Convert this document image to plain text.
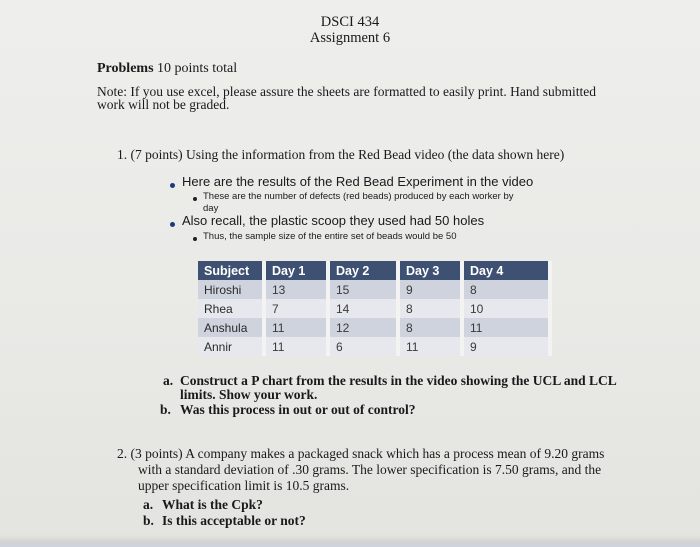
DSCI 434
Assignment 6
Problems 10 points total
Note: If you use excel, please assure the sheets are formatted to easily print. Hand submitted
work will not be graded.
1. (7 points) Using the information from the Red Bead video (the data shown here)
Here are the results of the Red Bead Experiment in the video
These are the number of defects (red beads) produced by each worker by
day
Also recall, the plastic scoop they used had 50 holes
Thus, the sample size of the entire set of beads would be 50
Subject	Day 1	Day 2	Day 3	Day 4
Hiroshi	13	15	9	8
Rhea	7	14	8	10
Anshula	11	12	8	11
Annir	11	6	11	9
a. Construct a P chart from the results in the video showing the UCL and LCL
limits. Show your work.
b. Was this process in out or out of control?
2. (3 points) A company makes a packaged snack which has a process mean of 9.20 grams
with a standard deviation of .30 grams. The lower specification is 7.50 grams, and the
upper specification limit is 10.5 grams.
a. What is the Cpk?
b. Is this acceptable or not?
